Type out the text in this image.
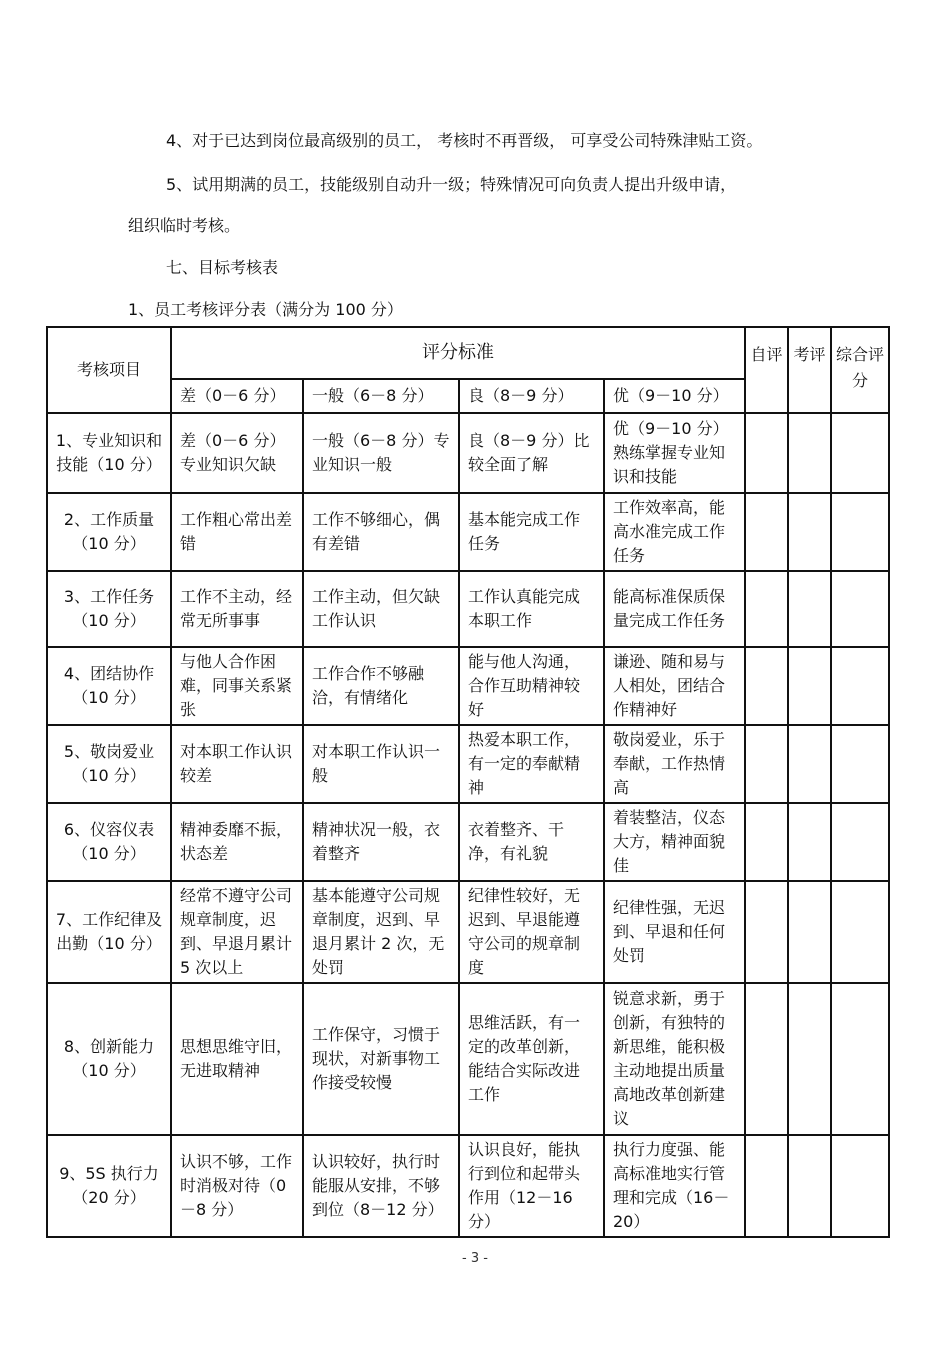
4、对于已达到岗位最高级别的员工， 考核时不再晋级， 可享受公司特殊津贴工资。
5、试用期满的员工，技能级别自动升一级；特殊情况可向负责人提出升级申请，
组织临时考核。
七、目标考核表
1、员工考核评分表（满分为 100 分）
考核项目	评分标准				自评	考评	综合评分
	差（0－6 分）	一般（6－8 分）	良（8－9 分）	优（9－10 分）			
1、专业知识和技能（10 分）	差（0－6 分）专业知识欠缺	一般（6－8 分）专业知识一般	良（8－9 分）比较全面了解	优（9－10 分）熟练掌握专业知识和技能			
2、工作质量（10 分）	工作粗心常出差错	工作不够细心，偶有差错	基本能完成工作任务	工作效率高，能高水准完成工作任务			
3、工作任务（10 分）	工作不主动，经常无所事事	工作主动，但欠缺工作认识	工作认真能完成本职工作	能高标准保质保量完成工作任务			
4、团结协作（10 分）	与他人合作困难，同事关系紧张	工作合作不够融洽，有情绪化	能与他人沟通，合作互助精神较好	谦逊、随和易与人相处，团结合作精神好			
5、敬岗爱业（10 分）	对本职工作认识较差	对本职工作认识一般	热爱本职工作，有一定的奉献精神	敬岗爱业，乐于奉献，工作热情高			
6、仪容仪表（10 分）	精神委靡不振，状态差	精神状况一般，衣着整齐	衣着整齐、干净，有礼貌	着装整洁，仪态大方，精神面貌佳			
7、工作纪律及出勤（10 分）	经常不遵守公司规章制度，迟到、早退月累计 5 次以上	基本能遵守公司规章制度，迟到、早退月累计 2 次，无处罚	纪律性较好，无迟到、早退能遵守公司的规章制度	纪律性强，无迟到、早退和任何处罚			
8、创新能力（10 分）	思想思维守旧，无进取精神	工作保守，习惯于现状，对新事物工作接受较慢	思维活跃，有一定的改革创新，能结合实际改进工作	锐意求新，勇于创新，有独特的新思维，能积极主动地提出质量高地改革创新建议			
9、5S 执行力（20 分）	认识不够，工作时消极对待（0－8 分）	认识较好，执行时能服从安排，不够到位（8－12 分）	认识良好，能执行到位和起带头作用（12－16 分）	执行力度强、能高标准地实行管理和完成（16－20）			
- 3 -
